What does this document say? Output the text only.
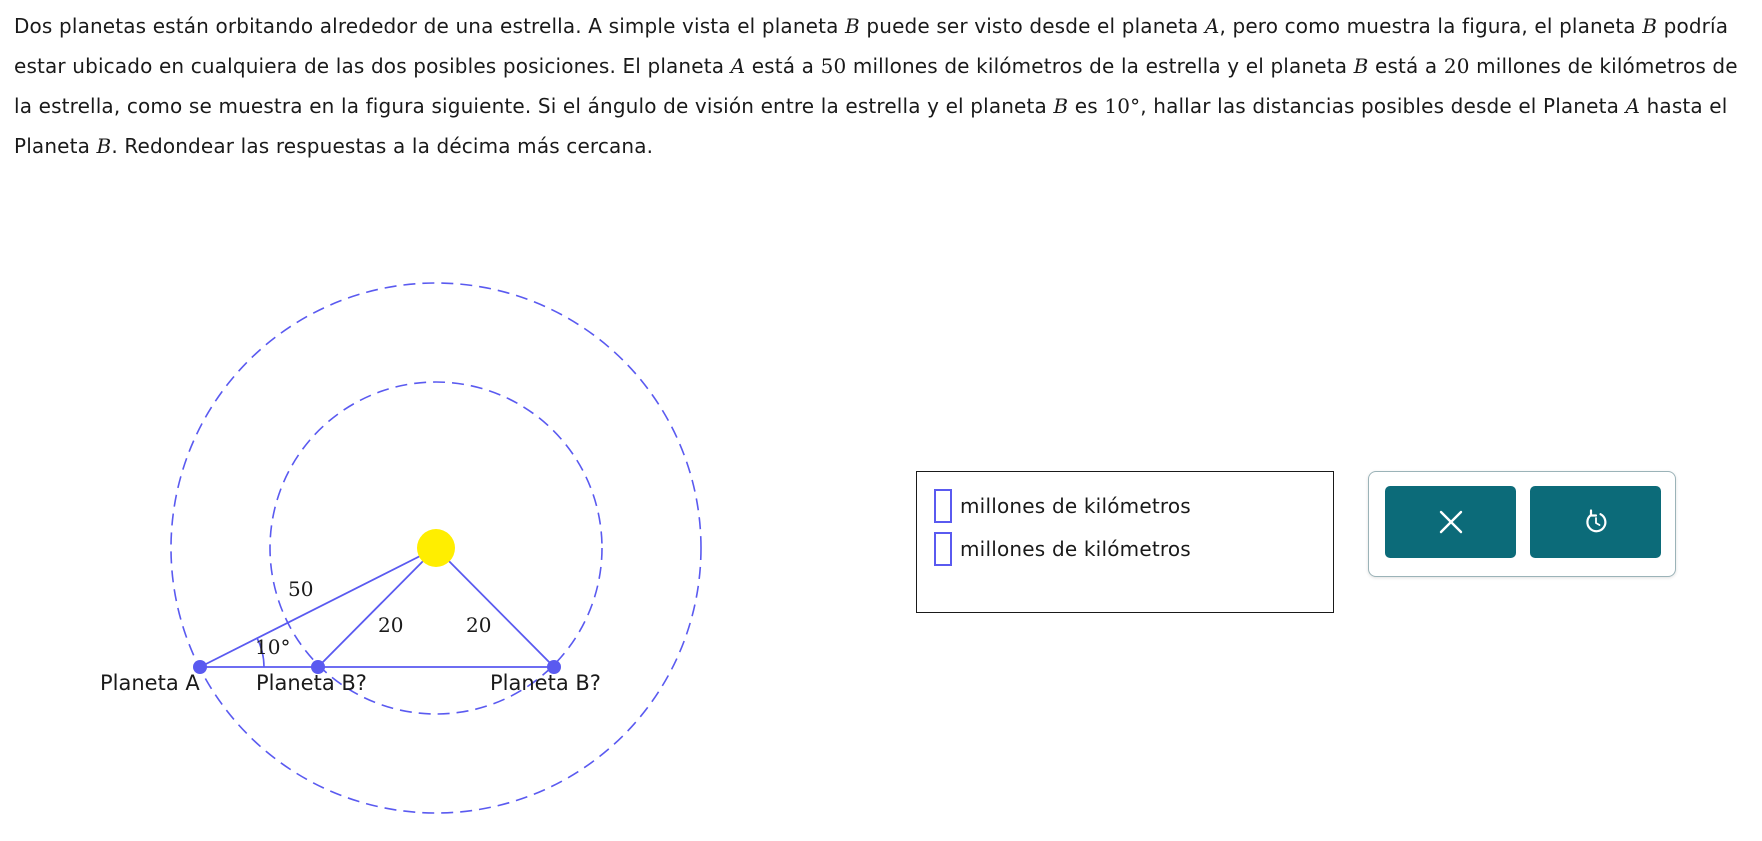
Dos planetas están orbitando alrededor de una estrella. A simple vista el planeta B puede ser visto desde el planeta A, pero como muestra la figura, el planeta B podría estar ubicado en cualquiera de las dos posibles posiciones. El planeta A está a 50 millones de kilómetros de la estrella y el planeta B está a 20 millones de kilómetros de la estrella, como se muestra en la figura siguiente. Si el ángulo de visión entre la estrella y el planeta B es 10°, hallar las distancias posibles desde el Planeta A hasta el Planeta B. Redondear las respuestas a la décima más cercana.
50
20	20
10°
Planeta A	Planeta B?	Planeta B?
millones de kilómetros
millones de kilómetros
